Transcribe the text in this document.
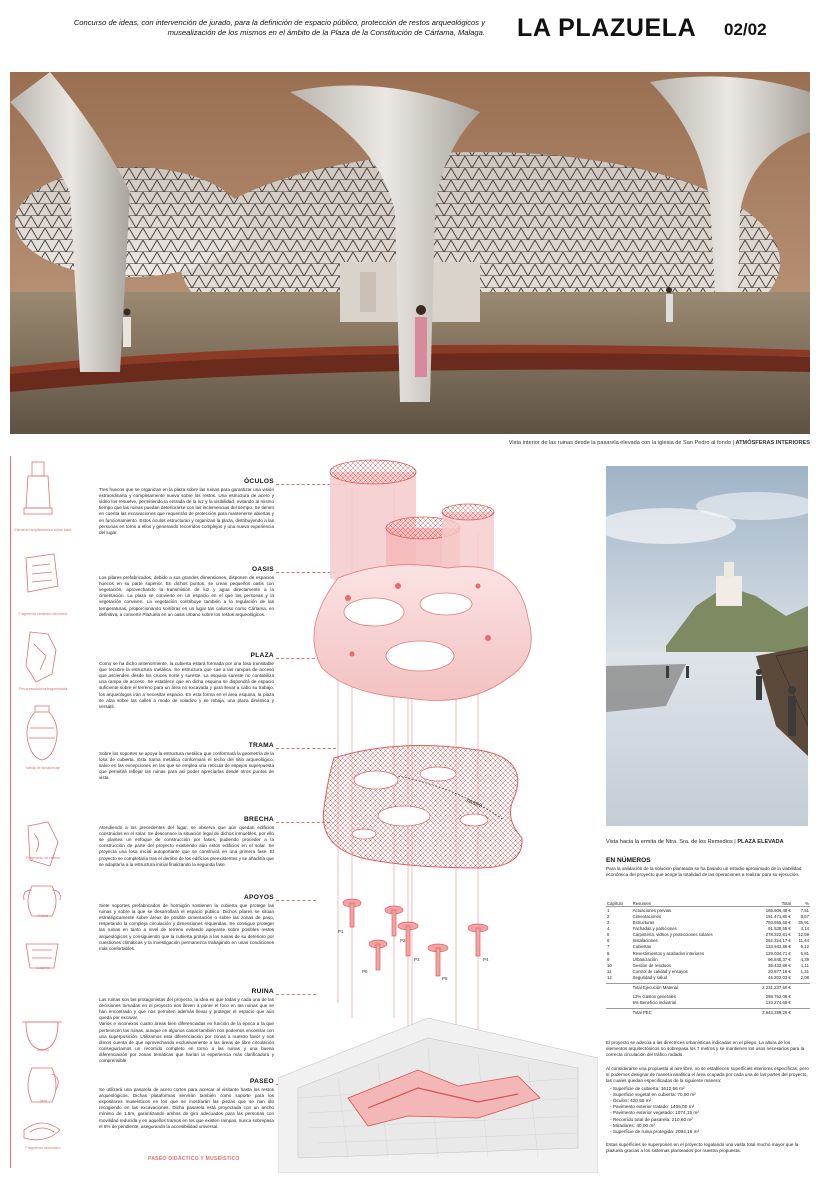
Concurso de ideas, con intervención de jurado, para la definición de espacio público, protección de restos arqueológicos y musealización de los mismos en el ámbito de la Plaza de la Constitución de Cártama, Malaga. LA PLAZUELA 02/02
Vista interior de las ruinas desde la pasarela elevada con la iglesia de San Pedro al fondo | ATMÓSFERAS INTERIORES
Elemento arquitectónico sobre base
Fragmento cerámico decorado
Pieza escultórica fragmentada
Vasija de almacenaje
Fragmento de relieve
Ánfora
Lucerna
Cuenco
Jarra
Fragmento decorativo
ÓCULOS

Tres huecos que se organizan en la plaza sobre las ruinas para garantizar una visión extraordinaria y completamente nueva sobre los restos. Una estructura de acero y vidrio los resuelve, permitiendo la entrada de la luz y la visibilidad, evitando al mismo tiempo que las ruinas puedan deteriorarse con las inclemencias del tiempo. Se tienen en cuenta las excavaciones que requerirán de protección para mantenerse abiertas y en funcionamiento. Estos óculos estructuran y organizan la plaza, distribuyendo a las personas en torno a ellos y generando recorridos complejos y una nueva experiencia del lugar.

OASIS

Los pilares prefabricados, debido a sus grandes dimensiones, disponen de espacios huecos en su parte superior. En dichos puntos, se crean pequeños oasis con vegetación, aprovechando la transmisión de luz y agua directamente a la cimentación. La plaza se convierte en un espacio en el que las personas y la vegetación conviven. La vegetación contribuye también a la regulación de las temperaturas, proporcionando sombras en un lugar tan caluroso como Cártama, en definitiva, a convertir Plazuela en un oasis urbano sobre los restos arqueológicos.

PLAZA

Como se ha dicho anteriormente, la cubierta estará formada por una losa transitable que recubre la estructura metálica. Se estructura que cae a las rampas de acceso que ascienden desde los cruces norte y sureste. La esquina sureste no contabiliza una rampa de acceso. Se establece que en dicha esquina se dispondrá de espacio suficiente sobre el terreno para un área no excavada y para llevar a cabo su trabajo, los arqueólogos irán a necesitar espacio. En esta forma en el área esquina, la plaza se alza sobre las calles a modo de voladizo y se rebaja, una plaza dinámica y versátil.

TRAMA

Sobre los soportes se apoya la estructura metálica que conformará la geometría de la losa de cubierta. Esta trama metálica conformará el techo del sitio arqueológico, salvo en las excepciones en las que se emplea una retícula de espejos superpuesta que permitirá reflejar las ruinas para así poder apreciarlas desde otros puntos de vista.

BRECHA

Atendiendo a los precedentes del lugar, se observa que aún quedan edificios construidos en el solar. Se desconoce la situación legal de dichos inmuebles, por ello se plantea un enfoque de construcción por fases, pudiendo proceder a la construcción de parte del proyecto existiendo aún estos edificios en el solar. Se proyecta una losa inicial autoportante que se construirá en una primera fase. El proyecto se completaría tras el derribo de los edificios preexistentes y se añadiría que se adaptaría a la estructura inicial finalizando la segunda fase.

APOYOS

Siete soportes prefabricados de hormigón sostienen la cubierta que protege las ruinas y sobre la que se desarrollará el espacio público. Dichos pilares se sitúan estratégicamente sobre áreas de posible cimentación o sobre las zonas de paso, respetando la compleja circulación y dimensiones requeridas. Se consigue proteger las ruinas en tanto a nivel de terreno evitando apoyarse sobre posibles restos arqueológicos y consiguiendo que la cubierta proteja a las ruinas de su deterioro por cuestiones climáticas y la investigación permanezca trabajando en unas condiciones más confortables.

RUINA

Las ruinas son las protagonistas del proyecto, la idea es que todas y cada una de las decisiones tomadas en el proyecto nos lleven a poner el foco en las ruinas que se han encontrado y que nos permiten además llevar y proteger el espacio que aún queda por excavar.
Varios e inconexos cuatro áreas bien diferenciadas en función de la época a la que pertenecen las ruinas, aunque en algunos casos también nos podemos encontrar con una superposición. Utilizamos esta diferenciación por zonas a nuestro favor y nos dimos cuenta de que aprovechando exclusivamente a las áreas de libre circulación conseguiríamos un recorrido completo en torno a las ruinas y una buena diferenciación por zonas temáticas que harían la experiencia más clarificadora y comprensible.

PASEO

Se utilizará una pasarela de acero corten para acercar al visitante hasta los restos arqueológicos. Dichas plataformas servirán también como soporte para los expositores museísticos en los que se mostrarán las piezas que se han ido recogiendo en las excavaciones. Dicha pasarela está proyectada con un ancho mínimo de 1.5m, garantizando ambos de giro adecuados para las personas con movilidad reducida y en aquellos tramos en los que existen rampas, nunca sobrepasa el 6% de pendiente, asegurando la accesibilidad universal.

PASEO
P1
P2
P3	P4
P5
P6
PASEO DIDÁCTICO Y MUSEÍSTICO
Vista hacia la ermita de Ntra. Sra. de los Remedios | PLAZA ELEVADA
EN NÚMEROS
Para la validación de la solución planteada se ha basado un estudio aproximado de la viabilidad económica del proyecto que acoge la totalidad de las operaciones a realizar para su ejecución.
Capítulo	Resumen	Total	%
1	Actuaciones previas	165.906,48 €	7,51
2	Cimentaciones	191.471,80 €	8,67
3	Estructuras	793.655,60 €	35,91
4	Fachadas y particiones	91.535,55 €	4,14
5	Carpintería, vidrios y protecciones solares	278.322,81 €	12,59
6	Instalaciones	252.324,17 €	11,44
7	Cubiertas	133.942,89 €	6,12
8	Revestimientos y acabados interiores	129.034,71 €	5,81
9	Urbanización	96.845,37 €	4,39
10	Gestión de residuos	35.432,89 €	1,11
11	Control de calidad y ensayos	20.877,18 €	1,21
12	Seguridad y salud	46.202,03 €	2,08

	Total Ejecución Material	2.231.237,50 €	

	13% Gastos generales	288.762,08 €	
	6% Beneficio industrial	133.274,65 €	

	Total PEC	2.643.289,29 €	
El proyecto se adecúa a las directrices urbanísticas indicadas en el pliego. La altura de los elementos arquitectónicos no sobrepasa los 7 metros y se mantienen los usos necesarios para la correcta circulación del tráfico rodado.
Al considerarse una propuesta al aire libre, no se establecen superficies interiores específicas, pero sí podemos designar de manera analítica el área ocupada por cada una de las partes del proyecto, las cuales quedan especificadas de la siguiente manera:
- Superficie de cubierta: 1612,56 m²
- Superficie vegetal en cubierta: 70,00 m²
- Óculos: 420,55 m²
- Pavimento exterior tratado: 1406,00 m²
- Pavimento exterior vegetado: 1074,15 m²
- Recorrido total de pasarela: 210,60 m²
- Miradores: 40,00 m²
- Superficie de ruina protegida: 2084,16 m²
Estas superficies se superponen en el proyecto regalando una vasta total mucho mayor que la plazuela gracias a los sistemas planteados por nuestra propuesta.
